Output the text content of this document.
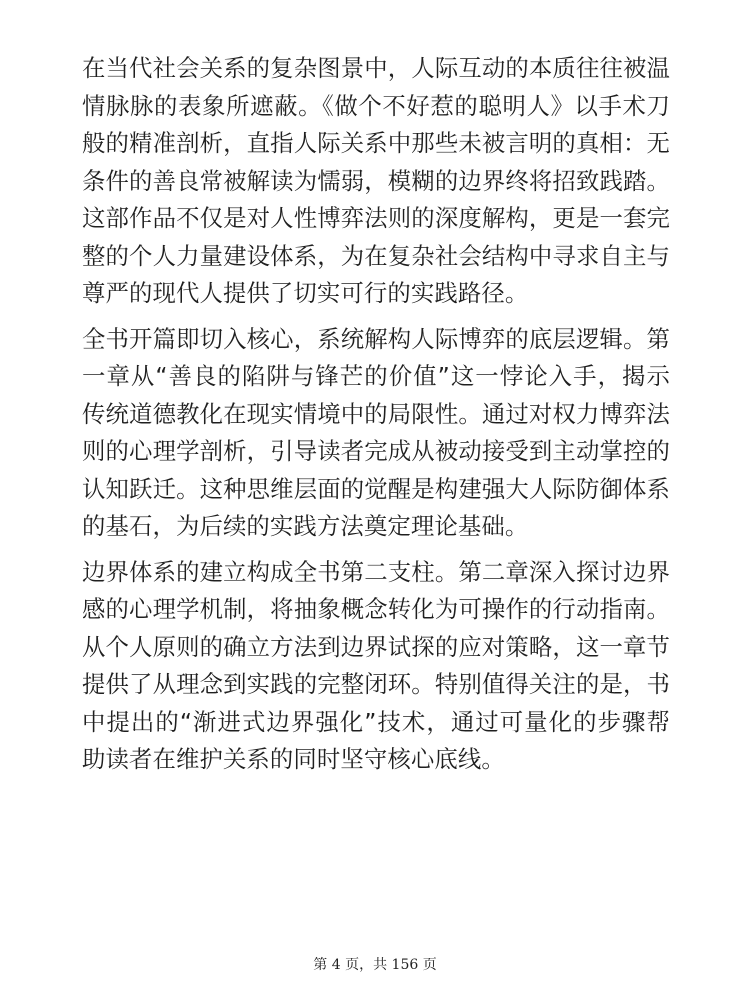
在当代社会关系的复杂图景中，人际互动的本质往往被温情脉脉的表象所遮蔽。《做个不好惹的聪明人》以手术刀般的精准剖析，直指人际关系中那些未被言明的真相：无条件的善良常被解读为懦弱，模糊的边界终将招致践踏。这部作品不仅是对人性博弈法则的深度解构，更是一套完整的个人力量建设体系，为在复杂社会结构中寻求自主与尊严的现代人提供了切实可行的实践路径。

全书开篇即切入核心，系统解构人际博弈的底层逻辑。第一章从“善良的陷阱与锋芒的价值”这一悖论入手，揭示传统道德教化在现实情境中的局限性。通过对权力博弈法则的心理学剖析，引导读者完成从被动接受到主动掌控的认知跃迁。这种思维层面的觉醒是构建强大人际防御体系的基石，为后续的实践方法奠定理论基础。

边界体系的建立构成全书第二支柱。第二章深入探讨边界感的心理学机制，将抽象概念转化为可操作的行动指南。从个人原则的确立方法到边界试探的应对策略，这一章节提供了从理念到实践的完整闭环。特别值得关注的是，书中提出的“渐进式边界强化”技术，通过可量化的步骤帮助读者在维护关系的同时坚守核心底线。

第 4 页，共 156 页
